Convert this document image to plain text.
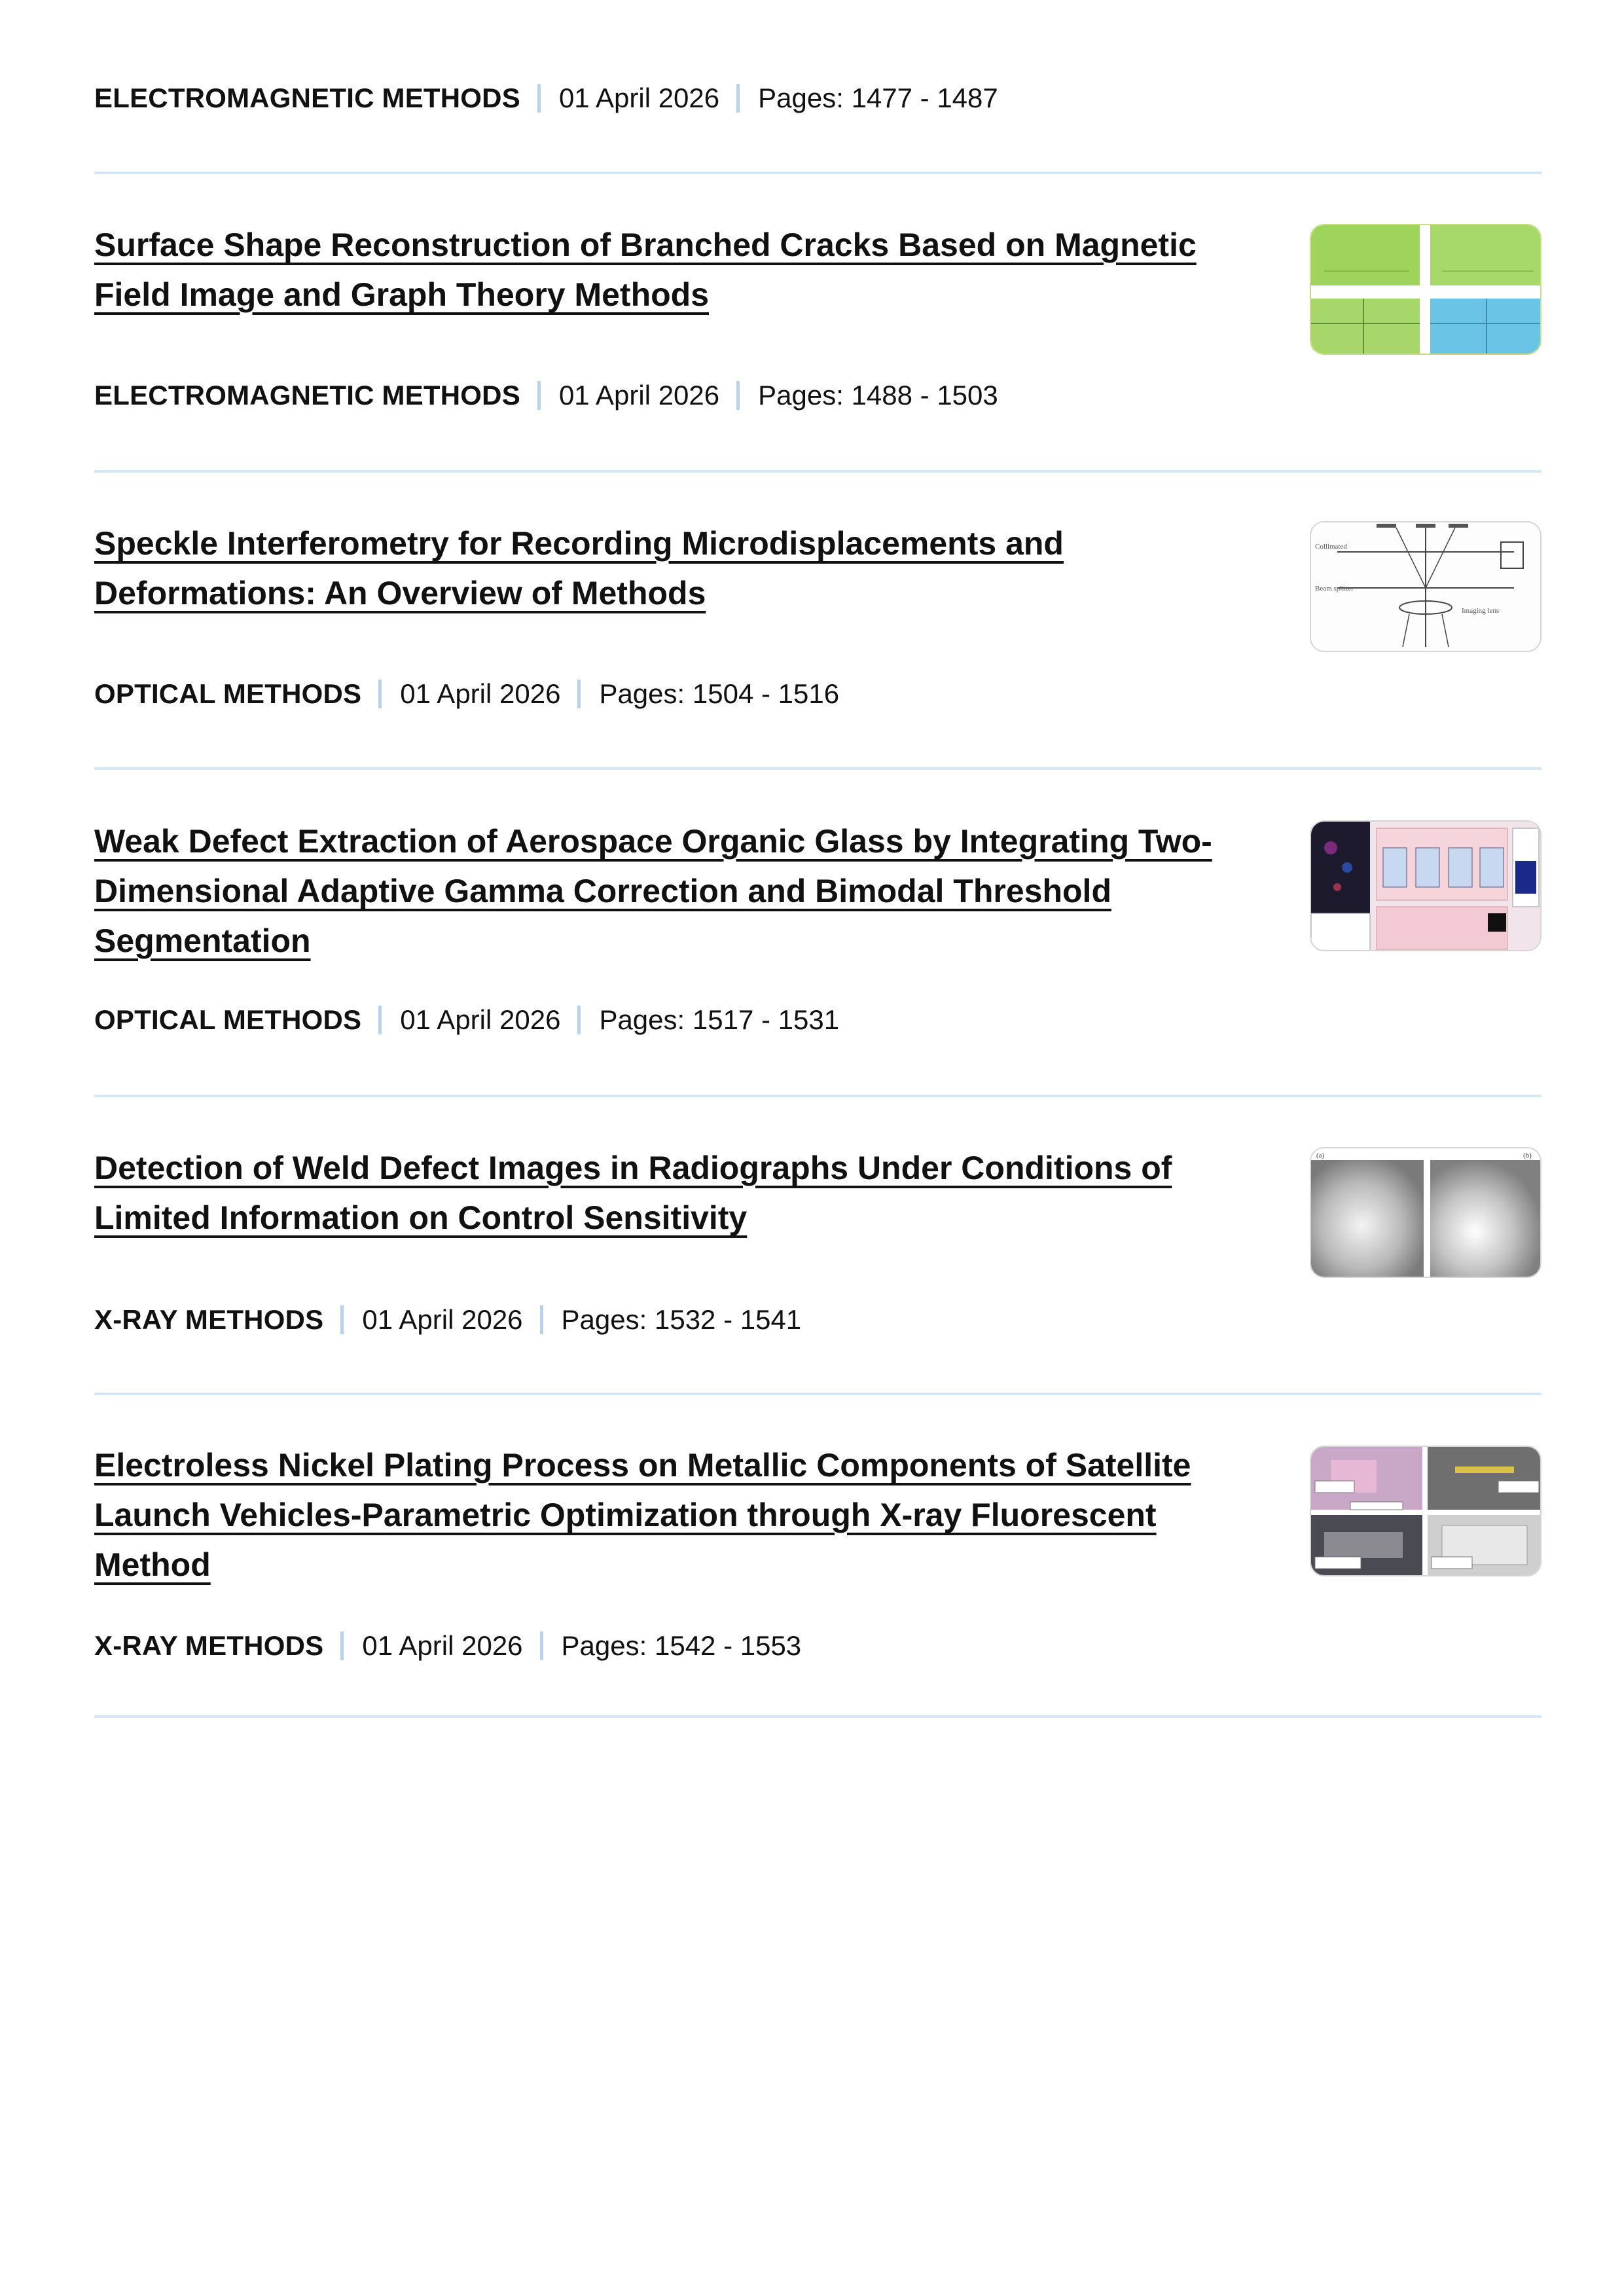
ELECTROMAGNETIC METHODS 01 April 2026 Pages: 1477 - 1487
Surface Shape Reconstruction of Branched Cracks Based on Magnetic
Field Image and Graph Theory Methods
ELECTROMAGNETIC METHODS 01 April 2026 Pages: 1488 - 1503
Speckle Interferometry for Recording Microdisplacements and
Deformations: An Overview of Methods
Collimated
Beam splitter
Imaging lens
OPTICAL METHODS 01 April 2026 Pages: 1504 - 1516
Weak Defect Extraction of Aerospace Organic Glass by Integrating Two-
Dimensional Adaptive Gamma Correction and Bimodal Threshold
Segmentation
OPTICAL METHODS 01 April 2026 Pages: 1517 - 1531
Detection of Weld Defect Images in Radiographs Under Conditions of
Limited Information on Control Sensitivity
(a)	(b)
X-RAY METHODS 01 April 2026 Pages: 1532 - 1541
Electroless Nickel Plating Process on Metallic Components of Satellite
Launch Vehicles-Parametric Optimization through X-ray Fluorescent
Method
X-RAY METHODS 01 April 2026 Pages: 1542 - 1553
